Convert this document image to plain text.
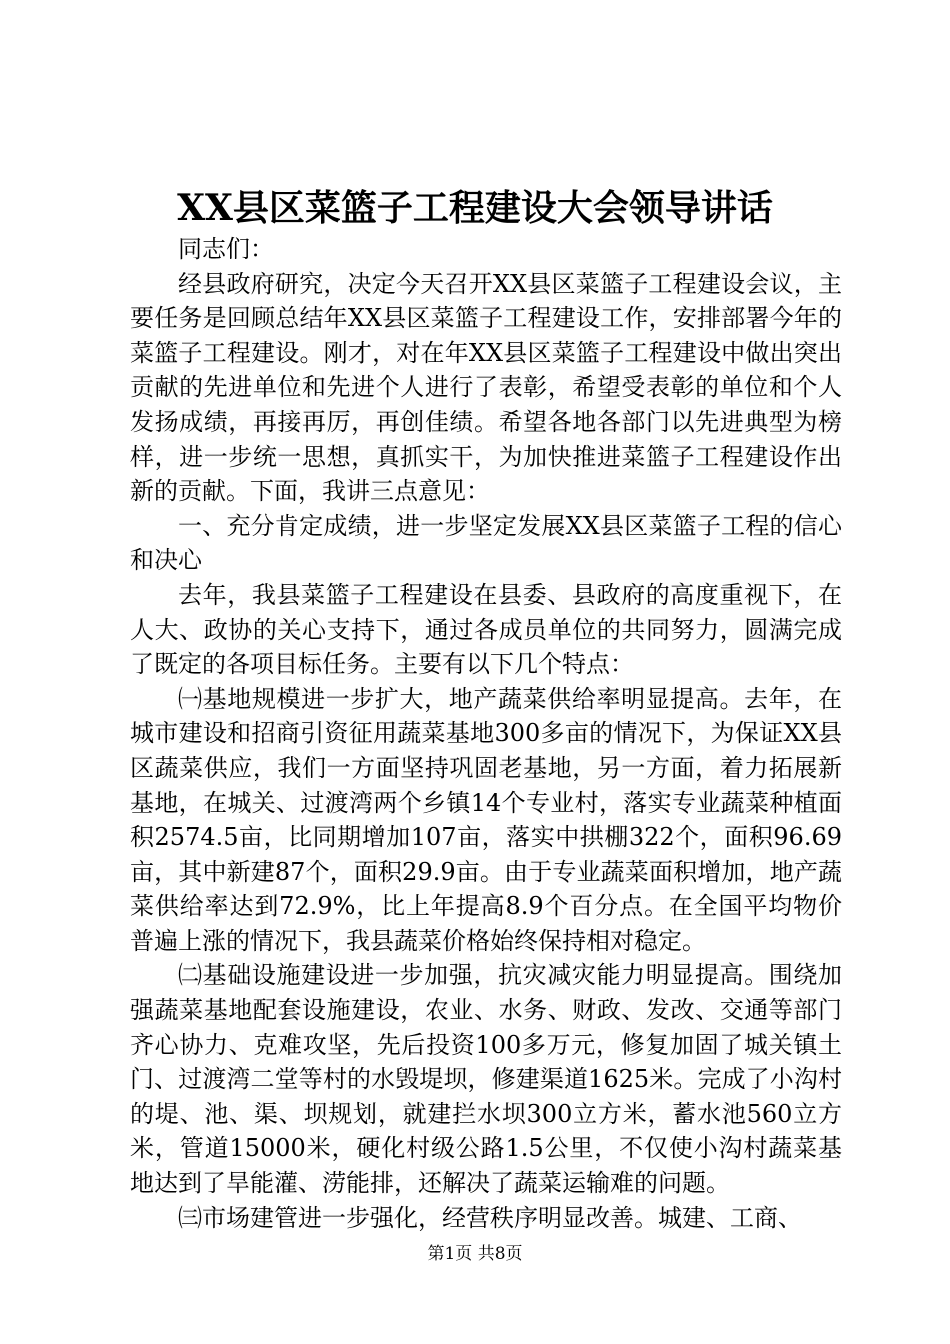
XX县区菜篮子工程建设大会领导讲话

同志们：

经县政府研究，决定今天召开XX县区菜篮子工程建设会议，主要任务是回顾总结年XX县区菜篮子工程建设工作，安排部署今年的菜篮子工程建设。刚才，对在年XX县区菜篮子工程建设中做出突出贡献的先进单位和先进个人进行了表彰，希望受表彰的单位和个人发扬成绩，再接再厉，再创佳绩。希望各地各部门以先进典型为榜样，进一步统一思想，真抓实干，为加快推进菜篮子工程建设作出新的贡献。下面，我讲三点意见：

一、充分肯定成绩，进一步坚定发展XX县区菜篮子工程的信心和决心

去年，我县菜篮子工程建设在县委、县政府的高度重视下，在人大、政协的关心支持下，通过各成员单位的共同努力，圆满完成了既定的各项目标任务。主要有以下几个特点：

㈠基地规模进一步扩大，地产蔬菜供给率明显提高。去年，在城市建设和招商引资征用蔬菜基地300多亩的情况下，为保证XX县区蔬菜供应，我们一方面坚持巩固老基地，另一方面，着力拓展新基地，在城关、过渡湾两个乡镇14个专业村，落实专业蔬菜种植面积2574.5亩，比同期增加107亩，落实中拱棚322个，面积96.69亩，其中新建87个，面积29.9亩。由于专业蔬菜面积增加，地产蔬菜供给率达到72.9%，比上年提高8.9个百分点。在全国平均物价普遍上涨的情况下，我县蔬菜价格始终保持相对稳定。

㈡基础设施建设进一步加强，抗灾减灾能力明显提高。围绕加强蔬菜基地配套设施建设，农业、水务、财政、发改、交通等部门齐心协力、克难攻坚，先后投资100多万元，修复加固了城关镇土门、过渡湾二堂等村的水毁堤坝，修建渠道1625米。完成了小沟村的堤、池、渠、坝规划，就建拦水坝300立方米，蓄水池560立方米，管道15000米，硬化村级公路1.5公里，不仅使小沟村蔬菜基地达到了旱能灌、涝能排，还解决了蔬菜运输难的问题。

㈢市场建管进一步强化，经营秩序明显改善。城建、工商、

第1页 共8页
